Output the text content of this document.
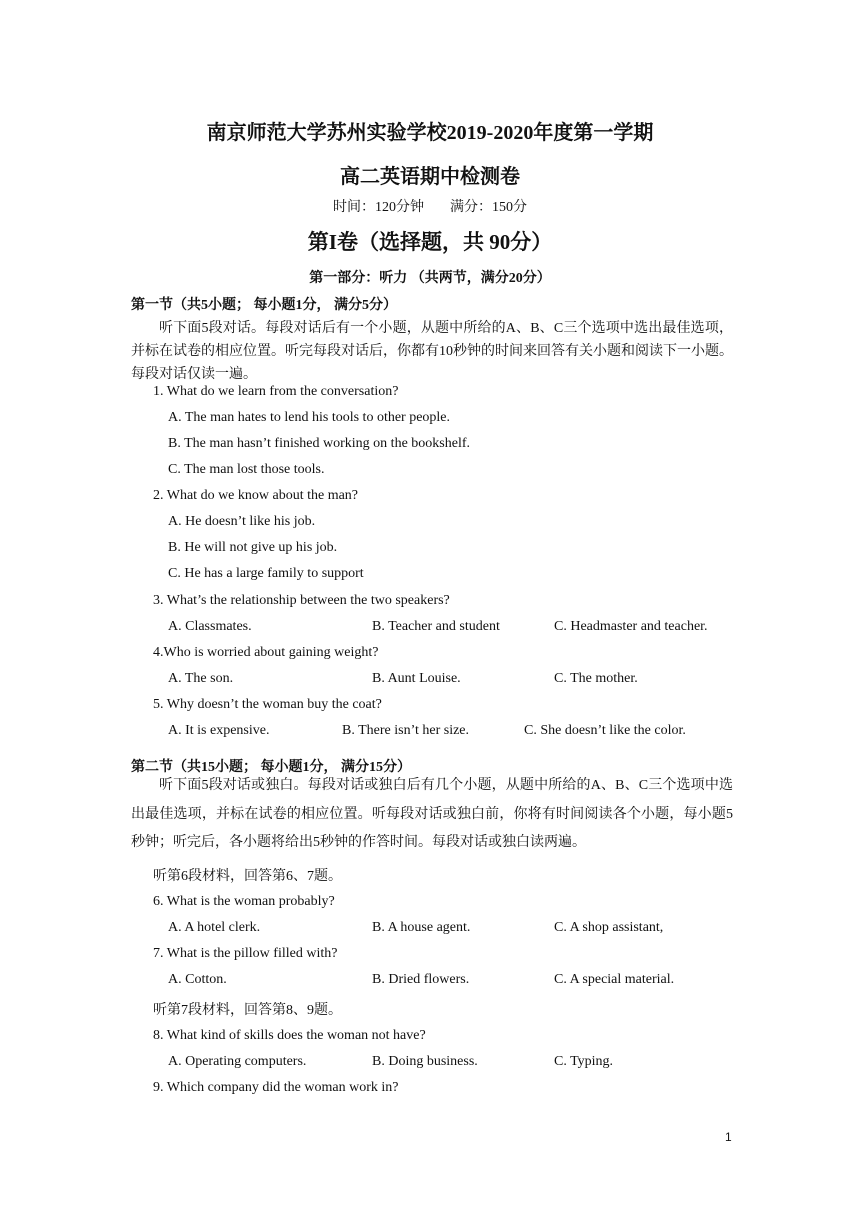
南京师范大学苏州实验学校2019-2020年度第一学期
高二英语期中检测卷
时间：120分钟 满分：150分
第I卷（选择题，共 90分）
第一部分：听力 （共两节，满分20分）
第一节（共5小题； 每小题1分， 满分5分）
听下面5段对话。每段对话后有一个小题，从题中所给的A、B、C三个选项中选出最佳选项，并标在试卷的相应位置。听完每段对话后，你都有10秒钟的时间来回答有关小题和阅读下一小题。每段对话仅读一遍。
1. What do we learn from the conversation?
A. The man hates to lend his tools to other people.
B. The man hasn’t finished working on the bookshelf.
C. The man lost those tools.
2. What do we know about the man?
A. He doesn’t like his job.
B. He will not give up his job.
C. He has a large family to support
3. What’s the relationship between the two speakers?
A. Classmates.	B. Teacher and student	C. Headmaster and teacher.
4.Who is worried about gaining weight?
A. The son.	B. Aunt Louise.	C. The mother.
5. Why doesn’t the woman buy the coat?
A. It is expensive.	B. There isn’t her size.	C. She doesn’t like the color.
第二节（共15小题； 每小题1分， 满分15分）
听下面5段对话或独白。每段对话或独白后有几个小题，从题中所给的A、B、C三个选项中选出最佳选项，并标在试卷的相应位置。听每段对话或独白前，你将有时间阅读各个小题，每小题5秒钟；听完后，各小题将给出5秒钟的作答时间。每段对话或独白读两遍。
听第6段材料，回答第6、7题。
6. What is the woman probably?
A. A hotel clerk.	B. A house agent.	C. A shop assistant,
7. What is the pillow filled with?
A. Cotton.	B. Dried flowers.	C. A special material.
听第7段材料，回答第8、9题。
8. What kind of skills does the woman not have?
A. Operating computers.	B. Doing business.	C. Typing.
9. Which company did the woman work in?
1
